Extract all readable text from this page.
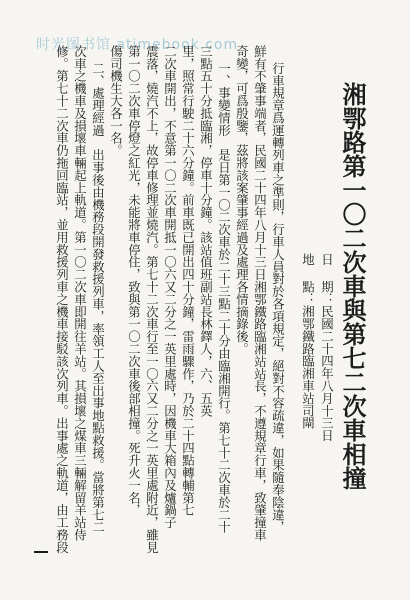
时光图书馆 atimebook.com
湘鄂路第一〇二次車與第七二次車相撞
日 期：民國二十四年八月十三日
地 點：湘鄂鐵路臨湘車站司閘
行車規章爲運轉列車之準則，行車人員對於各項規定，絕對不容疏違，如果隨奉陰違，
鮮有不肇事端者，民國二十四年八月十三日湘鄂鐵路臨湘站站長，不遵規章行車，致肇撞車
奇變，可爲殷鑒，茲將該案肇事經過及處理各情摘錄後。
一、事變情形　是日第一〇二次車於二十三點二十分由臨湘開行。第七十二次車於二十
三點五十分抵臨湘，停車十分鐘。該站值班副站長林鐸人，六、五英
里，照常行駛二十六分鐘。前車既已開出四十分鐘，雷雨驟作，乃於二十四點轉輔第七
二次車開出，不意第一〇二次車開抵一〇六又二分之一英里處時，因機車大箱內及爐鍋子
震落，燒汽不上，故停車修理並燒汽。第七十二次車行至一〇六又二分之一英里處附近，雖見
第一〇二次車停燈之紅光，未能將車停住，致與第一〇二次車後部相撞。死升火一名，
傷司機生大各一名。
二、處理經過　出事後由機務段開發救援列車，率領工人至出事地點救援。當將第七二
次車之機車及損壞車輛起上軌道。第一〇二次車即開往羊站。其損壞之煤車三輛解留羊站侍
修。第七十二次車仍拖回臨站，並用救援列車之機車接駁該次列車。出事處之軌道，由工務段
